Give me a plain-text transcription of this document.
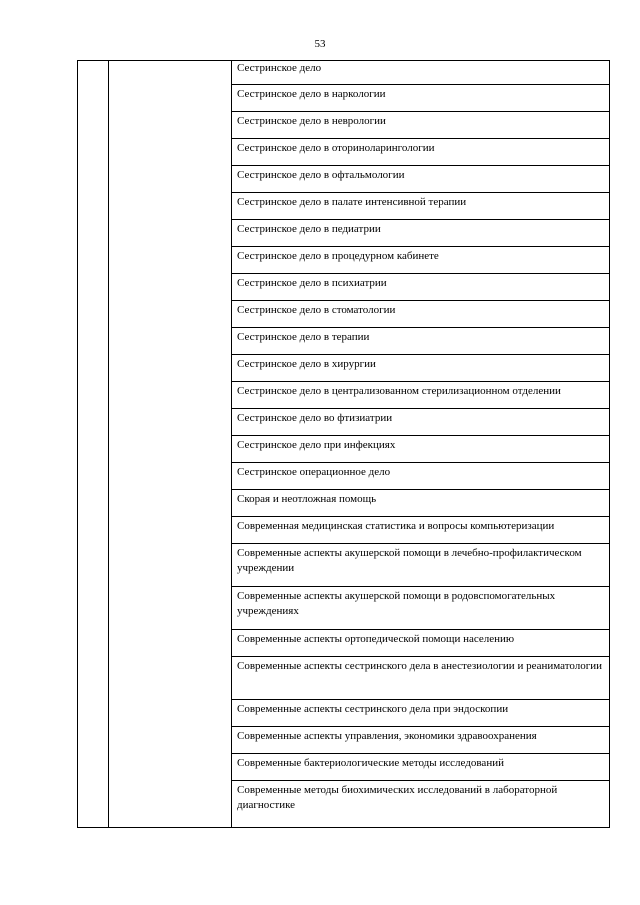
53
		Сестринское дело
Сестринское дело в наркологии
Сестринское дело в неврологии
Сестринское дело в оториноларингологии
Сестринское дело в офтальмологии
Сестринское дело в палате интенсивной терапии
Сестринское дело в педиатрии
Сестринское дело в процедурном кабинете
Сестринское дело в психиатрии
Сестринское дело в стоматологии
Сестринское дело в терапии
Сестринское дело в хирургии
Сестринское дело в централизованном стерилизационном отделении
Сестринское дело во фтизиатрии
Сестринское дело при инфекциях
Сестринское операционное дело
Скорая и неотложная помощь
Современная медицинская статистика и вопросы компьютеризации
Современные аспекты акушерской помощи в лечебно-профилактическом учреждении
Современные аспекты акушерской помощи в родовспомогательных учреждениях
Современные аспекты ортопедической помощи населению
Современные аспекты сестринского дела в анестезиологии и реаниматологии
Современные аспекты сестринского дела при эндоскопии
Современные аспекты управления, экономики здравоохранения
Современные бактериологические методы исследований
Современные методы биохимических исследований в лабораторной диагностике
